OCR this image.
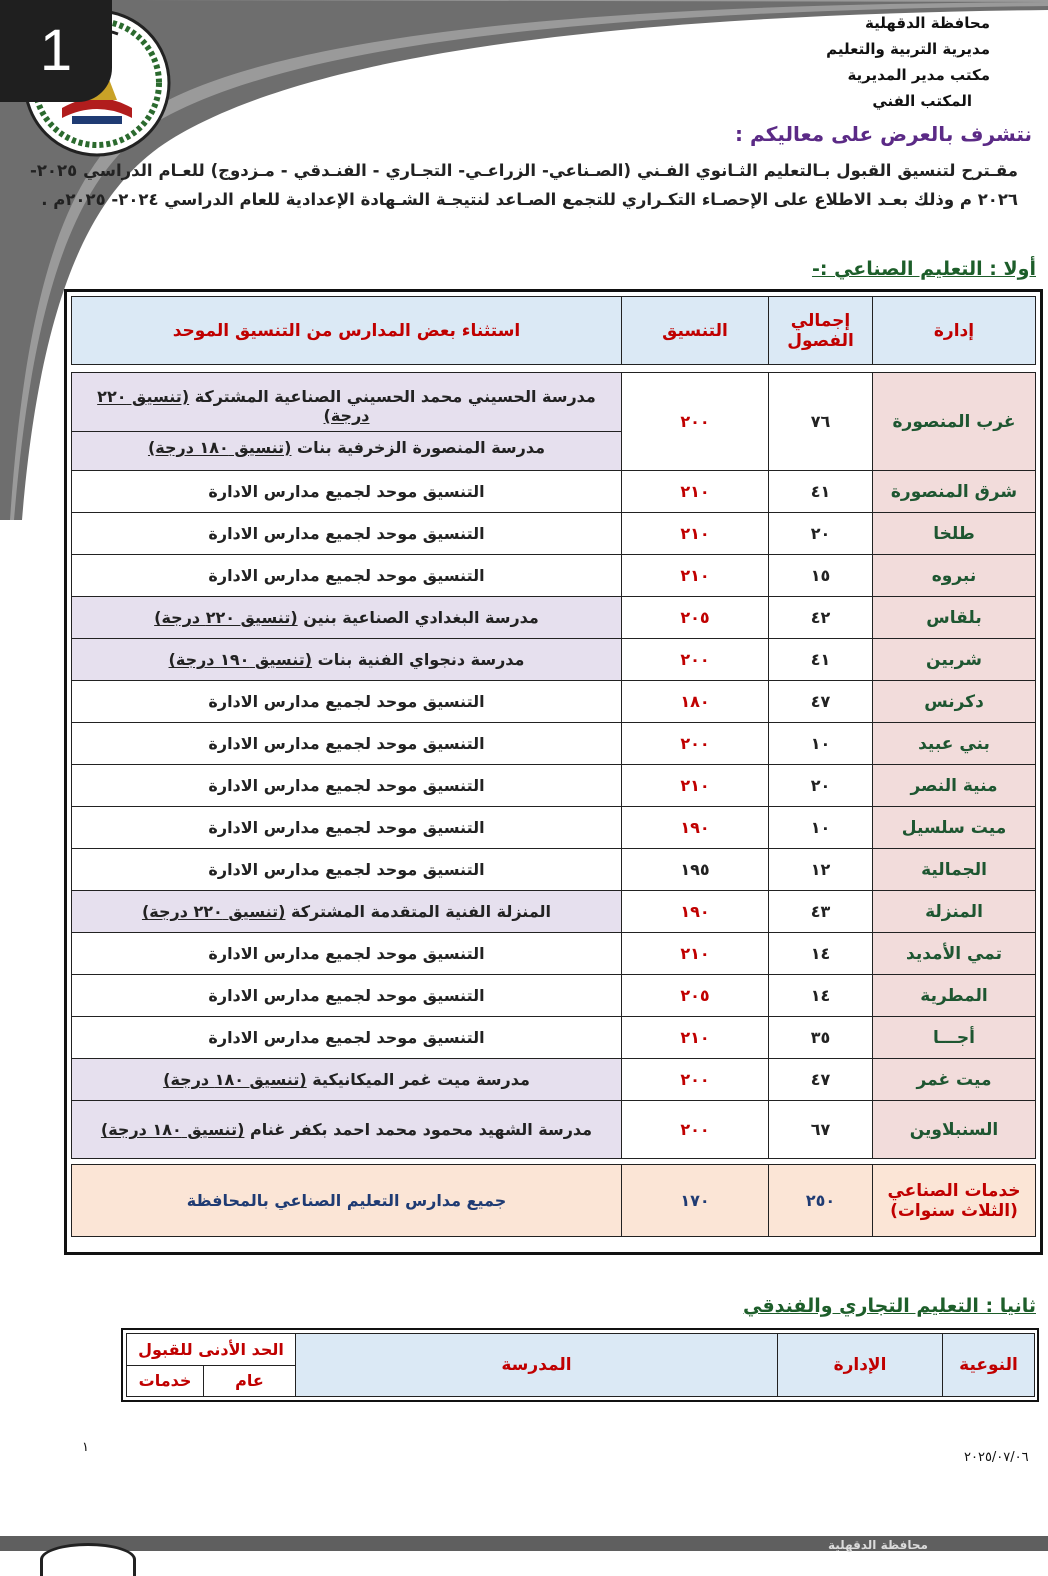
1	محافظة الدقهلية
مديرية التربية والتعليم
مكتب مدير المديرية
المكتب الفني
نتشرف بالعرض على معاليكم :
مقـترح لتنسيق القبول بـالتعليم الثـانوي الفـني (الصـناعي- الزراعـي- التجـاري - الفنـدقي - مـزدوج) للعـام الدراسي ٢٠٢٥- ٢٠٢٦ م وذلك بعـد الاطلاع على الإحصـاء التكـراري للتجمع الصـاعد لنتيجـة الشـهادة الإعدادية للعام الدراسي ٢٠٢٤- ٢٠٢٥م .
أولا : التعليم الصناعي :-
إدارة	إجمالي الفصول	التنسيق	استثناء بعض المدارس من التنسيق الموحد

غرب المنصورة	٧٦	٢٠٠	مدرسة الحسيني محمد الحسيني الصناعية المشتركة (تنسيق ٢٢٠ درجة)
مدرسة المنصورة الزخرفية بنات (تنسيق ١٨٠ درجة)

شرق المنصورة	٤١	٢١٠	التنسيق موحد لجميع مدارس الادارة
طلخا	٢٠	٢١٠	التنسيق موحد لجميع مدارس الادارة
نبروه	١٥	٢١٠	التنسيق موحد لجميع مدارس الادارة
بلقاس	٤٢	٢٠٥	مدرسة البغدادي الصناعية بنين (تنسيق ٢٢٠ درجة)
شربين	٤١	٢٠٠	مدرسة دنجواي الفنية بنات (تنسيق ١٩٠ درجة)
دكرنس	٤٧	١٨٠	التنسيق موحد لجميع مدارس الادارة
بني عبيد	١٠	٢٠٠	التنسيق موحد لجميع مدارس الادارة
منية النصر	٢٠	٢١٠	التنسيق موحد لجميع مدارس الادارة
ميت سلسيل	١٠	١٩٠	التنسيق موحد لجميع مدارس الادارة
الجمالية	١٢	١٩٥	التنسيق موحد لجميع مدارس الادارة
المنزلة	٤٣	١٩٠	المنزلة الفنية المتقدمة المشتركة (تنسيق ٢٢٠ درجة)
تمي الأمديد	١٤	٢١٠	التنسيق موحد لجميع مدارس الادارة
المطرية	١٤	٢٠٥	التنسيق موحد لجميع مدارس الادارة
أجـــا	٣٥	٢١٠	التنسيق موحد لجميع مدارس الادارة
ميت غمر	٤٧	٢٠٠	مدرسة ميت غمر الميكانيكية (تنسيق ١٨٠ درجة)
السنبلاوين	٦٧	٢٠٠	مدرسة الشهيد محمود محمد احمد بكفر غنام (تنسيق ١٨٠ درجة)

خدمات الصناعي (الثلاث سنوات)	٢٥٠	١٧٠	جميع مدارس التعليم الصناعي بالمحافظة
ثانيا : التعليم التجاري والفندقي
النوعية	الإدارة	المدرسة	الحد الأدنى للقبول	
			عام	خدمات
١
٢٠٢٥/٠٧/٠٦
محافظة الدقهلية
